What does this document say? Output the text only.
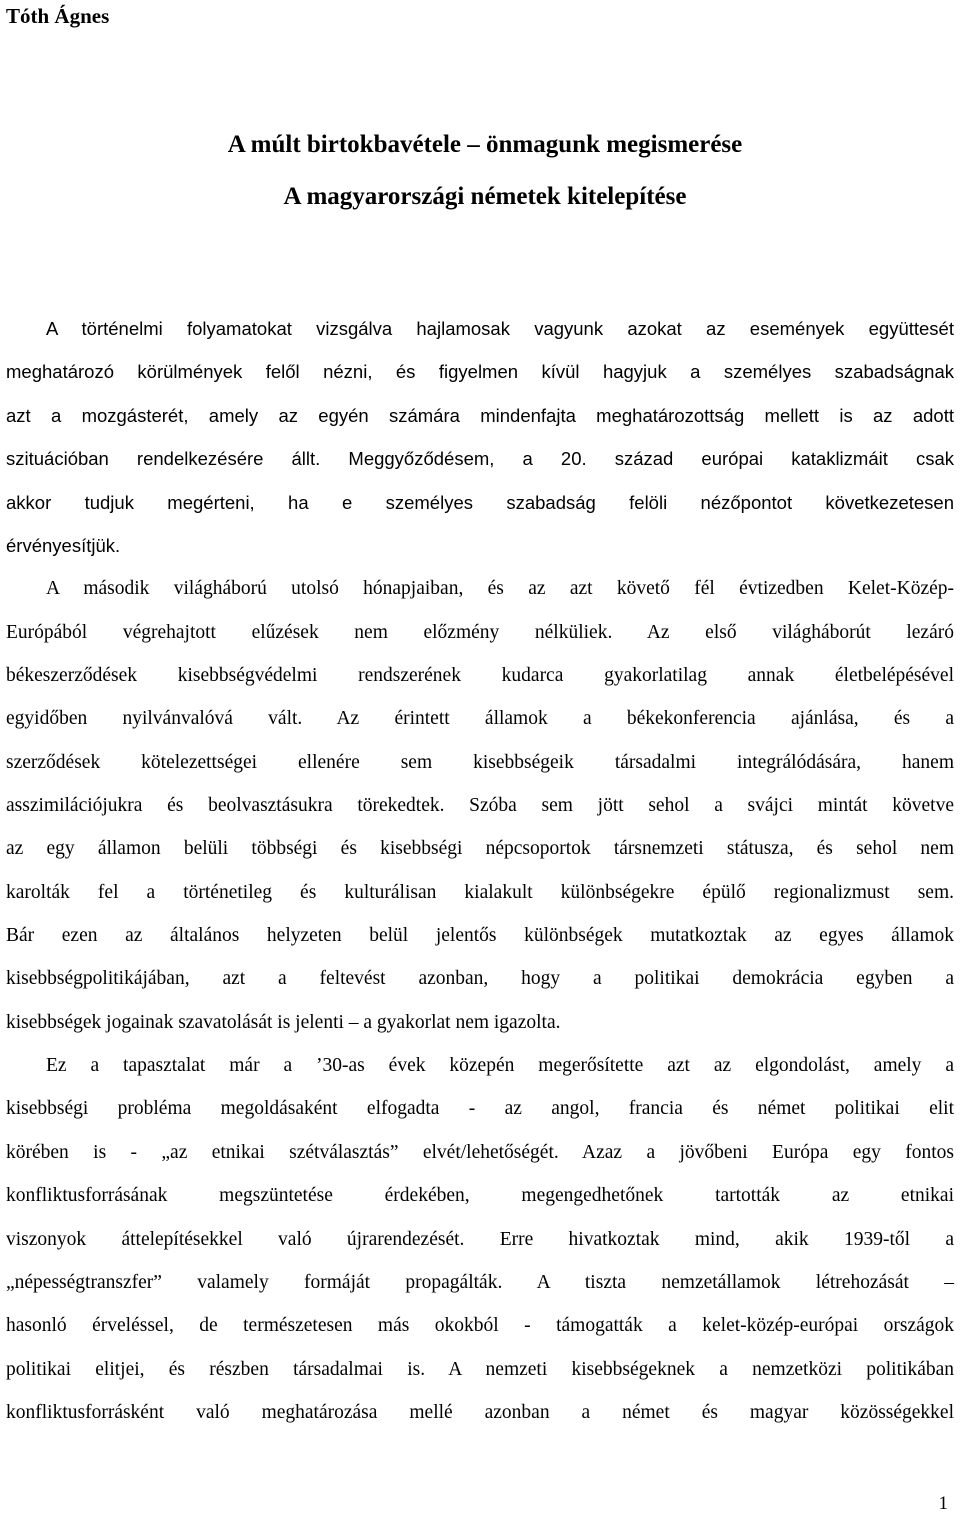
Tóth Ágnes
A múlt birtokbavétele – önmagunk megismerése
A magyarországi németek kitelepítése
A történelmi folyamatokat vizsgálva hajlamosak vagyunk azokat az események együttesét
meghatározó körülmények felől nézni, és figyelmen kívül hagyjuk a személyes szabadságnak
azt a mozgásterét, amely az egyén számára mindenfajta meghatározottság mellett is az adott
szituációban rendelkezésére állt. Meggyőződésem, a 20. század európai kataklizmáit csak
akkor tudjuk megérteni, ha e személyes szabadság felöli nézőpontot következetesen
érvényesítjük.
A második világháború utolsó hónapjaiban, és az azt követő fél évtizedben Kelet-Közép-
Európából végrehajtott elűzések nem előzmény nélküliek. Az első világháborút lezáró
békeszerződések kisebbségvédelmi rendszerének kudarca gyakorlatilag annak életbelépésével
egyidőben nyilvánvalóvá vált. Az érintett államok a békekonferencia ajánlása, és a
szerződések kötelezettségei ellenére sem kisebbségeik társadalmi integrálódására, hanem
asszimilációjukra és beolvasztásukra törekedtek. Szóba sem jött sehol a svájci mintát követve
az egy államon belüli többségi és kisebbségi népcsoportok társnemzeti státusza, és sehol nem
karolták fel a történetileg és kulturálisan kialakult különbségekre épülő regionalizmust sem.
Bár ezen az általános helyzeten belül jelentős különbségek mutatkoztak az egyes államok
kisebbségpolitikájában, azt a feltevést azonban, hogy a politikai demokrácia egyben a
kisebbségek jogainak szavatolását is jelenti – a gyakorlat nem igazolta.
Ez a tapasztalat már a ’30-as évek közepén megerősítette azt az elgondolást, amely a
kisebbségi probléma megoldásaként elfogadta - az angol, francia és német politikai elit
körében is - „az etnikai szétválasztás” elvét/lehetőségét. Azaz a jövőbeni Európa egy fontos
konfliktusforrásának megszüntetése érdekében, megengedhetőnek tartották az etnikai
viszonyok áttelepítésekkel való újrarendezését. Erre hivatkoztak mind, akik 1939-től a
„népességtranszfer” valamely formáját propagálták. A tiszta nemzetállamok létrehozását –
hasonló érveléssel, de természetesen más okokból - támogatták a kelet-közép-európai országok
politikai elitjei, és részben társadalmai is. A nemzeti kisebbségeknek a nemzetközi politikában
konfliktusforrásként való meghatározása mellé azonban a német és magyar közösségekkel
1
